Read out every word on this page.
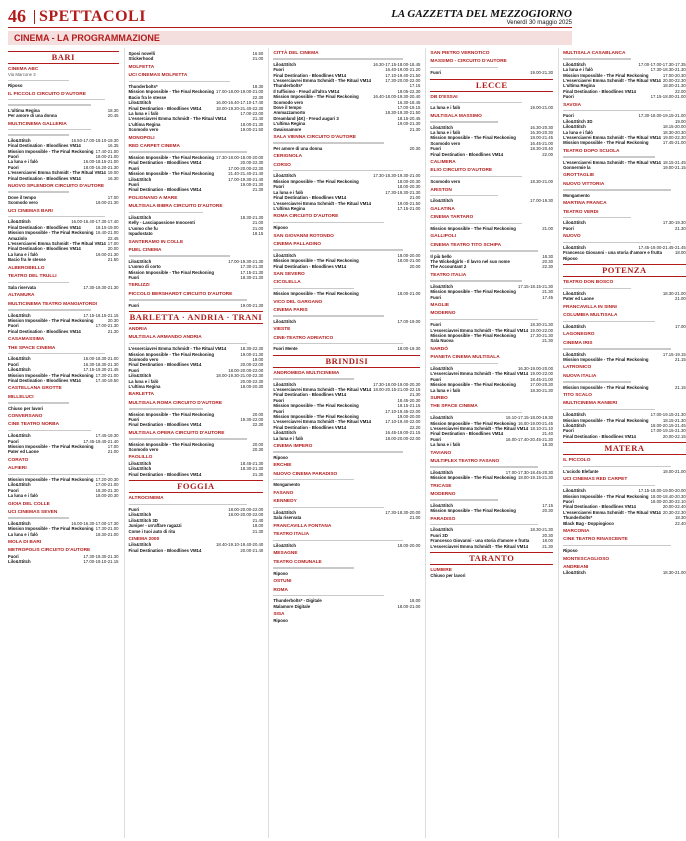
46 SPETTACOLI	LA GAZZETTA DEL MEZZOGIORNO
Venerdì 30 maggio 2025
CINEMA - LA PROGRAMMAZIONE
BARI
CINEMA ABC
Via Marcone 3
Riposo
IL PICCOLO CIRCUITO D'AUTORE
L'ultima Regina	18.30
Per amore di una donna	20.45
MULTICINEMA GALLERIA
Lilo&Stitch	16.50-17.00-19.10-19.30
Final Destination - Bloodlines VM14	16.35
Mission Impossible - The Final Reckoning 17.40-21.00
Fuori	18.00-21.00
La luna e i falò	16.00-18.15-21.00
Fuori	18.00-16.20-21.30
L'esserciavrei Emma Schmidt - The Ritual VM14 19.00
Final Destination - Bloodlines VM14	16.30
NUOVO SPLENDOR CIRCUITO D'AUTORE
Dove il tempo	17.00
Scomodo vero	19.00-21.30
UCI CINEMAS BARI
Lilo&Stitch	16.00-16.40-17.30-17.40
Final Destination - Bloodlines VM14	18.15-19.00
Mission Impossible - The Final Reckoning 16.40-21.00
Amazinlo	22.45
L'esserciavrei Emma Schmidt - The Ritual VM14 17.00
Final Destination - Bloodlines VM14	20.00
La luna e i falò	19.00-21.30
Bacio fra le stesse	21.50
ALBEROBELLO
TEATRO DEL TRULLI
Sala riservata	17.30-19.30-21.30
ALTAMURA
MULTICINEMA TEATRO MANGIATORDI
Lilo&Stitch	17.15-18.15-21.15
Mission Impossible - The Final Reckoning	20.30
Fuori	17.00-21.30
Final Destination - Bloodlines VM14	21.30
CASAMASSIMA
THE SPACE CINEMA
Lilo&Stitch	16.00-18.30-21.00
Fuori	16.30-18.30-21.30
Lilo&Stitch	17.15-19.30-21.45
Mission Impossible - The Final Reckoning 17.30-21.00
Final Destination - Bloodlines VM14	17.40-19.50
CASTELLANA GROTTE
MILLELUCI
Chiuso per lavori
CONVERSANO
CINE TEATRO NORBA
Lilo&Stitch	17.45-19.30
Fuori	17.45-19.40-21.40
Mission Impossible - The Final Reckoning	17.00
Pater ed Laone	21.00
CORATO
ALFIERI
Mission Impossible - The Final Reckoning 17.20-20.30
Lilo&Stitch	17.00-21.00
Fuori	18.30-21.30
La luna e i falò	18.00-20.30
GIOIA DEL COLLE
UCI CINEMAS SEVEN
Lilo&Stitch	16.00-16.30-17.00-17.30
Mission Impossible - The Final Reckoning 17.30-21.00
La luna e i falò	18.30-21.00
MOLA DI BARI
METROPOLIS CIRCUITO D'AUTORE
Fuori	17.30-19.30-21.30
Lilo&Stitch	17.00-19.10-21.15
Sposi novelli	16.50
Stickerhood	21.00
MOLFETTA
UCI CINEMAS MOLFETTA
Thunderbolts*	18.30
Mission Impossible - The Final Reckoning 17.00-18.00-19.00-21.00
Bacio fra le stesse	22.30
Lilo&Stitch	16.00-16.40-17.10-17.40
Final Destination - Bloodlines VM14	18.00-19.20-21.40-22.30
La luna e i falò	17.00-22.00
L'esserciavrei Emma Schmidt - The Ritual VM14	21.40
L'ultima Regina	18.00-21.30
Scomodo vero	19.00-21.50
MONOPOLI
RED CARPET CINEMA
Mission Impossible - The Final Reckoning 17.30-18.00-18.00-20.00
Final Destination - Bloodlines VM14	20.00-22.30
Fuori	17.00-20.00-22.30
Mission Impossible - The Final Reckoning	21.40-21.40-21.40
Lilo&Stitch	17.00-19.30-21.40
Fuori	19.00-21.30
Final Destination - Bloodlines VM14	21.30
POLIGNANO A MARE
MULTISALA BIBRA CIRCUITO D'AUTORE
Lilo&Stitch	18.30-21.30
Kelly - Lasciapassione Innocenti	21.00
L'uomo che fu	21.00
Ispadostato	18.15
SANTERAMO IN COLLE
PUEL CINEMA
Lilo&Stitch	17.00-19.30-21.30
L'uomo di corto	17.30-21.30
Mission Impossible - The Final Reckoning	17.15-21.30
Fuori	18.30-21.30
TERLIZZI
PICCOLO BERSHARDT CIRCUITO D'AUTORE
Fuori	19.00-21.30
BARLETTA · ANDRIA · TRANI
ANDRIA
MULTISALA ARMANDO ANDRIA
L'esserciavrei Emma Schmidt - The Ritual VM14	18.30-22.30
Mission Impossible - The Final Reckoning	19.00-21.30
Scomodo vero	19.00
Final Destination - Bloodlines VM14	20.00-22.00
Fuori	18.00-20.00-22.00
Lilo&Stitch	18.00-19.30-21.00-22.30
La luna e i falò	20.00-22.30
L'ultima Regina	18.00-20.30
BARLETTA
MULTISALA ROMA CIRCUITO D'AUTORE
Mission Impossible - The Final Reckoning	20.00
Fuori	19.30-22.00
Final Destination - Bloodlines VM14	22.30
MULTISALA OPERA CIRCUITO D'AUTORE
Mission Impossible - The Final Reckoning	20.00
Scomodo vero	20.30
PAOLILLO
Lilo&Stitch	18.45-21.30
Lilo&Stitch	18.30-21.30
Final Destination - Bloodlines VM14	21.30
FOGGIA
ALTROCINEMA
Fuori	18.00-20.00-22.00
Lilo&Stitch	18.00-20.00-22.00
Lilo&Stitch 3D	21.40
Juniper - un'affare ragazzi	18.00
Come i tuoi auto di ritu	21.30
CINEMA 2000
Lilo&Stitch	18.40-19.10-19.40-20.40
Final Destination - Bloodlines VM14	20.00-21.40
CITTÀ DEL CINEMA
Lilo&Stitch	16.30-17.15-18.00-18.45
Fuori	16.40-19.00-21.20
Final Destination - Bloodlines VM14	17.10-19.40-21.50
L'esserciavrei Emma Schmidt - The Ritual VM14	17.30-20.00-22.00
Thunderbolts*	17.15
Il tuffisimo - Freud all'altra VM14	19.05-22.30
Mission Impossible - The Final Reckoning	16.40-18.00-19.30-20.40
Scomodo vero	16.30-18.45
Dove il tempo	17.00-19.15
Ammazzamorto	18.30-19.30-21.50
Dreamland (4K) - Freud auguri 3	18.15-20.45
L'ultima Regina	19.00-21.30
Gwaissamore	21.30
SALA VIENNA CIRCUITO D'AUTORE
Per amore di una donna	20.30
CERIGNOLA
CORSO
Lilo&Stitch	17.30-18.30-19.30-21.00
Mission Impossible - The Final Reckoning	18.00-20.30
Fuori	18.00-20.30
La luna e i falò	17.30-19.30-21.30
Final Destination - Bloodlines VM14	21.00
L'esserciavrei Emma Schmidt - The Ritual VM14	19.00-21.50
L'ultima Regina	17.15-21.00
ROMA CIRCUITO D'AUTORE
Riposo
SAN GIOVANNI ROTONDO
CINEMA PALLADINO
Lilo&Stitch	18.00-20.00
Mission Impossible - The Final Reckoning	18.00-21.00
Final Destination - Bloodlines VM14	20.00
SAN SEVERO
CICOLELLA
Mission Impossible - The Final Reckoning	18.00-21.00
VICO DEL GARGANO
CINEMA PARIS
Lilo&Stitch	17.00-19.00
VIESTE
CINE-TEATRO ADRIATICO
Fuori Mente	18.00-19.30
BRINDISI
ANDROMEDA MULTICINEMA
Lilo&Stitch	17.30-18.00-19.00-20.30
L'esserciavrei Emma Schmidt - The Ritual VM14 18.00-20.15-21.00-22.15
Final Destination - Bloodlines VM14	21.30
Fuori	18.45-20.30
Mission Impossible - The Final Reckoning	18.15-21.15
Fuori	17.10-19.45-22.00
Mission Impossible - The Final Reckoning	19.00-20.00
L'esserciavrei Emma Schmidt - The Ritual VM14	17.10-19.40-22.00
Final Destination - Bloodlines VM14	22.20
Lilo&Stitch	16.45-19.00-21.15
La luna e i falò	18.00-20.00-22.00
CINEMA IMPERO
Riposo
ERCHIE
NUOVO CINEMA PARADISO
Mongamento
FASANO
KENNEDY
Lilo&Stitch	17.30-18.30-20.00
Sala riservata	21.00
FRANCAVILLA FONTANA
TEATRO ITALIA
Lilo&Stitch	18.00-20.00
MESAGNE
TEATRO COMUNALE
Riposo
OSTUNI
ROMA
Thunderbolts* - Digitale	18.00
Malamore Digitale	18.00-21.00
SISA
Riposo
SAN PIETRO VERNOTICO
MASSIMO - CIRCUITO D'AUTORE
Fuori	19.00-21.30
LECCE
DB D'ESSAI
La luna e i falò	19.00-21.00
MULTISALA MASSIMO
Lilo&Stitch	16.30-20.30
La luna e i falò	16.30-20.30
Mission Impossible - The Final Reckoning	18.00-21.45
Scomodo vero	16.45-21.00
Fuori	18.30-20.40
Final Destination - Bloodlines VM14	22.00
CALIMERA
ELIO CIRCUITO D'AUTORE
Scomodo vero	18.30-21.00
ARISTON
Lilo&Stitch	17.00-19.30
GALATINA
CINEMA TARTARO
Mission Impossible - The Final Reckoning	21.00
GALLIPOLI
CINEMA TEATRO TITO SCHIPA
Il più bello	18.30
The Wickedgirls - Il lavro nel suo nome	20.30
The Accountant 2	22.30
TEATRO ITALIA
Lilo&Stitch	17.15-18.15-21.30
Mission Impossible - The Final Reckoning	21.30
Fuori	17.45
MAGLIE
MODERNO
Fuori	18.30-21.30
L'esserciavrei Emma Schmidt - The Ritual VM14 19.00-22.00
Mission Impossible - The Final Reckoning	17.30-21.30
Sala Nuova	21.30
NARDÒ
PIANETA CINEMA MULTISALA
Lilo&Stitch	16.30-19.00-20.00
L'esserciavrei Emma Schmidt - The Ritual VM14 19.00-22.00
Fuori	18.45-21.00
Mission Impossible - The Final Reckoning	17.00-20.30
La luna e i falò	18.30-21.30
SURBO
THE SPACE CINEMA
Lilo&Stitch	16.10-17.15-18.00-19.30
Mission Impossible - The Final Reckoning 16.00-19.00-21.45
L'esserciavrei Emma Schmidt - The Ritual VM14 18.10-21.10
Final Destination - Bloodlines VM14	21.40
Fuori	16.00-17.40-20.45-21.30
La luna e i falò	18.30
TAVIANO
MULTIPLEX TEATRO FASANO
Lilo&Stitch	17.00-17.30-18.45-20.30
Mission Impossible - The Final Reckoning 18.00-19.15-21.30
TRICASE
MODERNO
Lilo&Stitch	17.15
Mission Impossible - The Final Reckoning	20.30
PARADISO
Lilo&Stitch	18.30-21.30
Fuori 3D	20.30
Francesco Giovanni - una storia d'amore e frutta	18.00
L'esserciavrei Emma Schmidt - The Ritual VM14	21.30
TARANTO
LUMIERE
Chiuso per lavori
MULTISALA CASABLANCA
Lilo&Stitch	17.00-17.00-17.30-17.35
La luna e i falò	17.30-18.30-21.30
Mission Impossible - The Final Reckoning	17.00-20.30
L'esserciavrei Emma Schmidt - The Ritual VM14 20.00-22.30
L'ultima Regina	18.00-21.30
Final Destination - Bloodlines VM14	22.00
Fuori	17.15-18.00-21.00
SAVOIA
Fuori	17.30-18.00-19.15-21.00
Lilo&Stitch 3D	19.00
Lilo&Stitch	18.15-20.00
La luna e i falò	18.30-20.30
L'esserciavrei Emma Schmidt - The Ritual VM14 19.00-22.30
Mission Impossible - The Final Reckoning	17.45-21.00
TEATRO DOPO SCUOLA
L'esserciavrei Emma Schmidt - The Ritual VM14 18.15-21.45
Gonnermie la	19.00-21.15
GROTTAGLIE
NUOVO VITTORIA
Mongamento
MARTINA FRANCA
TEATRO VERDI
Lilo&Stitch	17.30-19.30
Fuori	21.30
NUOVO
Lilo&Stitch	17.45-19.00-21.45-21.45
Francesco Giovanni - una storia d'amore e frutta	18.00
Riposo
POTENZA
TEATRO DON BOSCO
Lilo&Stitch	18.30-21.00
Pater ed Laone	21.00
FRANCAVILLA IN SINNI
COLUMBIA MULTISALA
Lilo&Stitch	17.00
LAGONEGRO
CINEMA IRIS
Lilo&Stitch	17.15-19.15
Mission Impossible - The Final Reckoning	21.15
LATRONICO
NUOVA ITALIA
Mission Impossible - The Final Reckoning	21.15
TITO SCALO
MULTICINEMA RANIERI
Lilo&Stitch	17.00-19.15-21.30
Mission Impossible - The Final Reckoning	18.15-21.30
Lilo&Stitch	18.00-20.15-21.45
Fuori	17.00-19.15-21.30
Final Destination - Bloodlines VM14	20.00-22.15
MATERA
IL PICCOLO
L'ucicdo Elefante	18.00-21.00
UCI CINEMAS RED CARPET
Lilo&Stitch	17.15-18.00-19.00-20.00
Mission Impossible - The Final Reckoning 18.00-18.40-20.30
Fuori	18.00-20.30-22.10
Final Destination - Bloodlines VM14	20.00-22.40
L'esserciavrei Emma Schmidt - The Ritual VM14 20.30-22.30
Thunderbolts*	18.30
Black Bag - Doppiogioco	22.40
MARCONIA
CINE TEATRO RINASCENTE
Riposo
MONTESCAGLIOSO
ANDREANI
Lilo&Stitch	18.30-21.00
